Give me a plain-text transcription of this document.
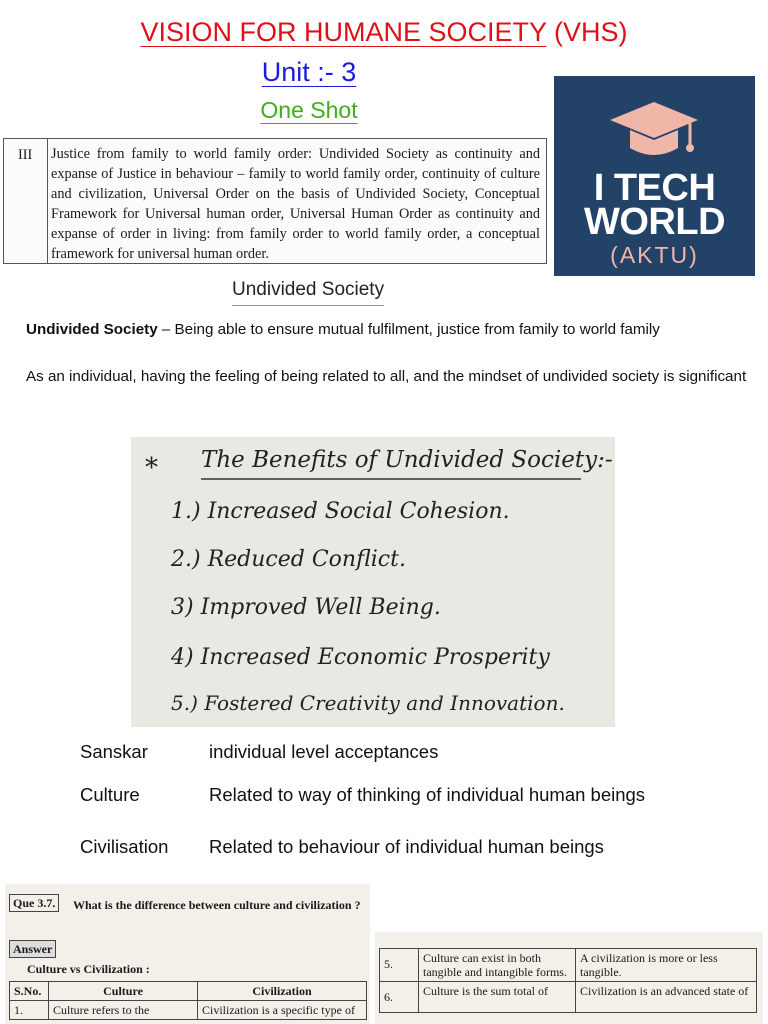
VISION FOR HUMANE SOCIETY (VHS)
Unit :- 3
One Shot
III	Justice from family to world family order: Undivided Society as continuity and expanse of Justice in behaviour – family to world family order, continuity of culture and civilization, Universal Order on the basis of Undivided Society, Conceptual Framework for Universal human order, Universal Human Order as continuity and expanse of order in living: from family order to world family order, a conceptual framework for universal human order.
I TECH
WORLD
(AKTU)
Undivided Society
Undivided Society – Being able to ensure mutual fulfilment, justice from family to world family
As an individual, having the feeling of being related to all, and the mindset of undivided society is significant
* The Benefits of Undivided Society:-
1.) Increased Social Cohesion.
2.) Reduced Conflict.
3) Improved Well Being.
4) Increased Economic Prosperity
5.) Fostered Creativity and Innovation.
Sanskar	individual level acceptances
Culture	Related to way of thinking of individual human beings
Civilisation Related to behaviour of individual human beings
Que 3.7.	What is the difference between culture and civilization ?
Answer
Culture vs Civilization :
S.No.	Culture	Civilization
1.	Culture refers to the	Civilization is a specific type of
5.	Culture can exist in both tangible and intangible forms.	A civilization is more or less tangible.
6.	Culture is the sum total of	Civilization is an advanced state of
